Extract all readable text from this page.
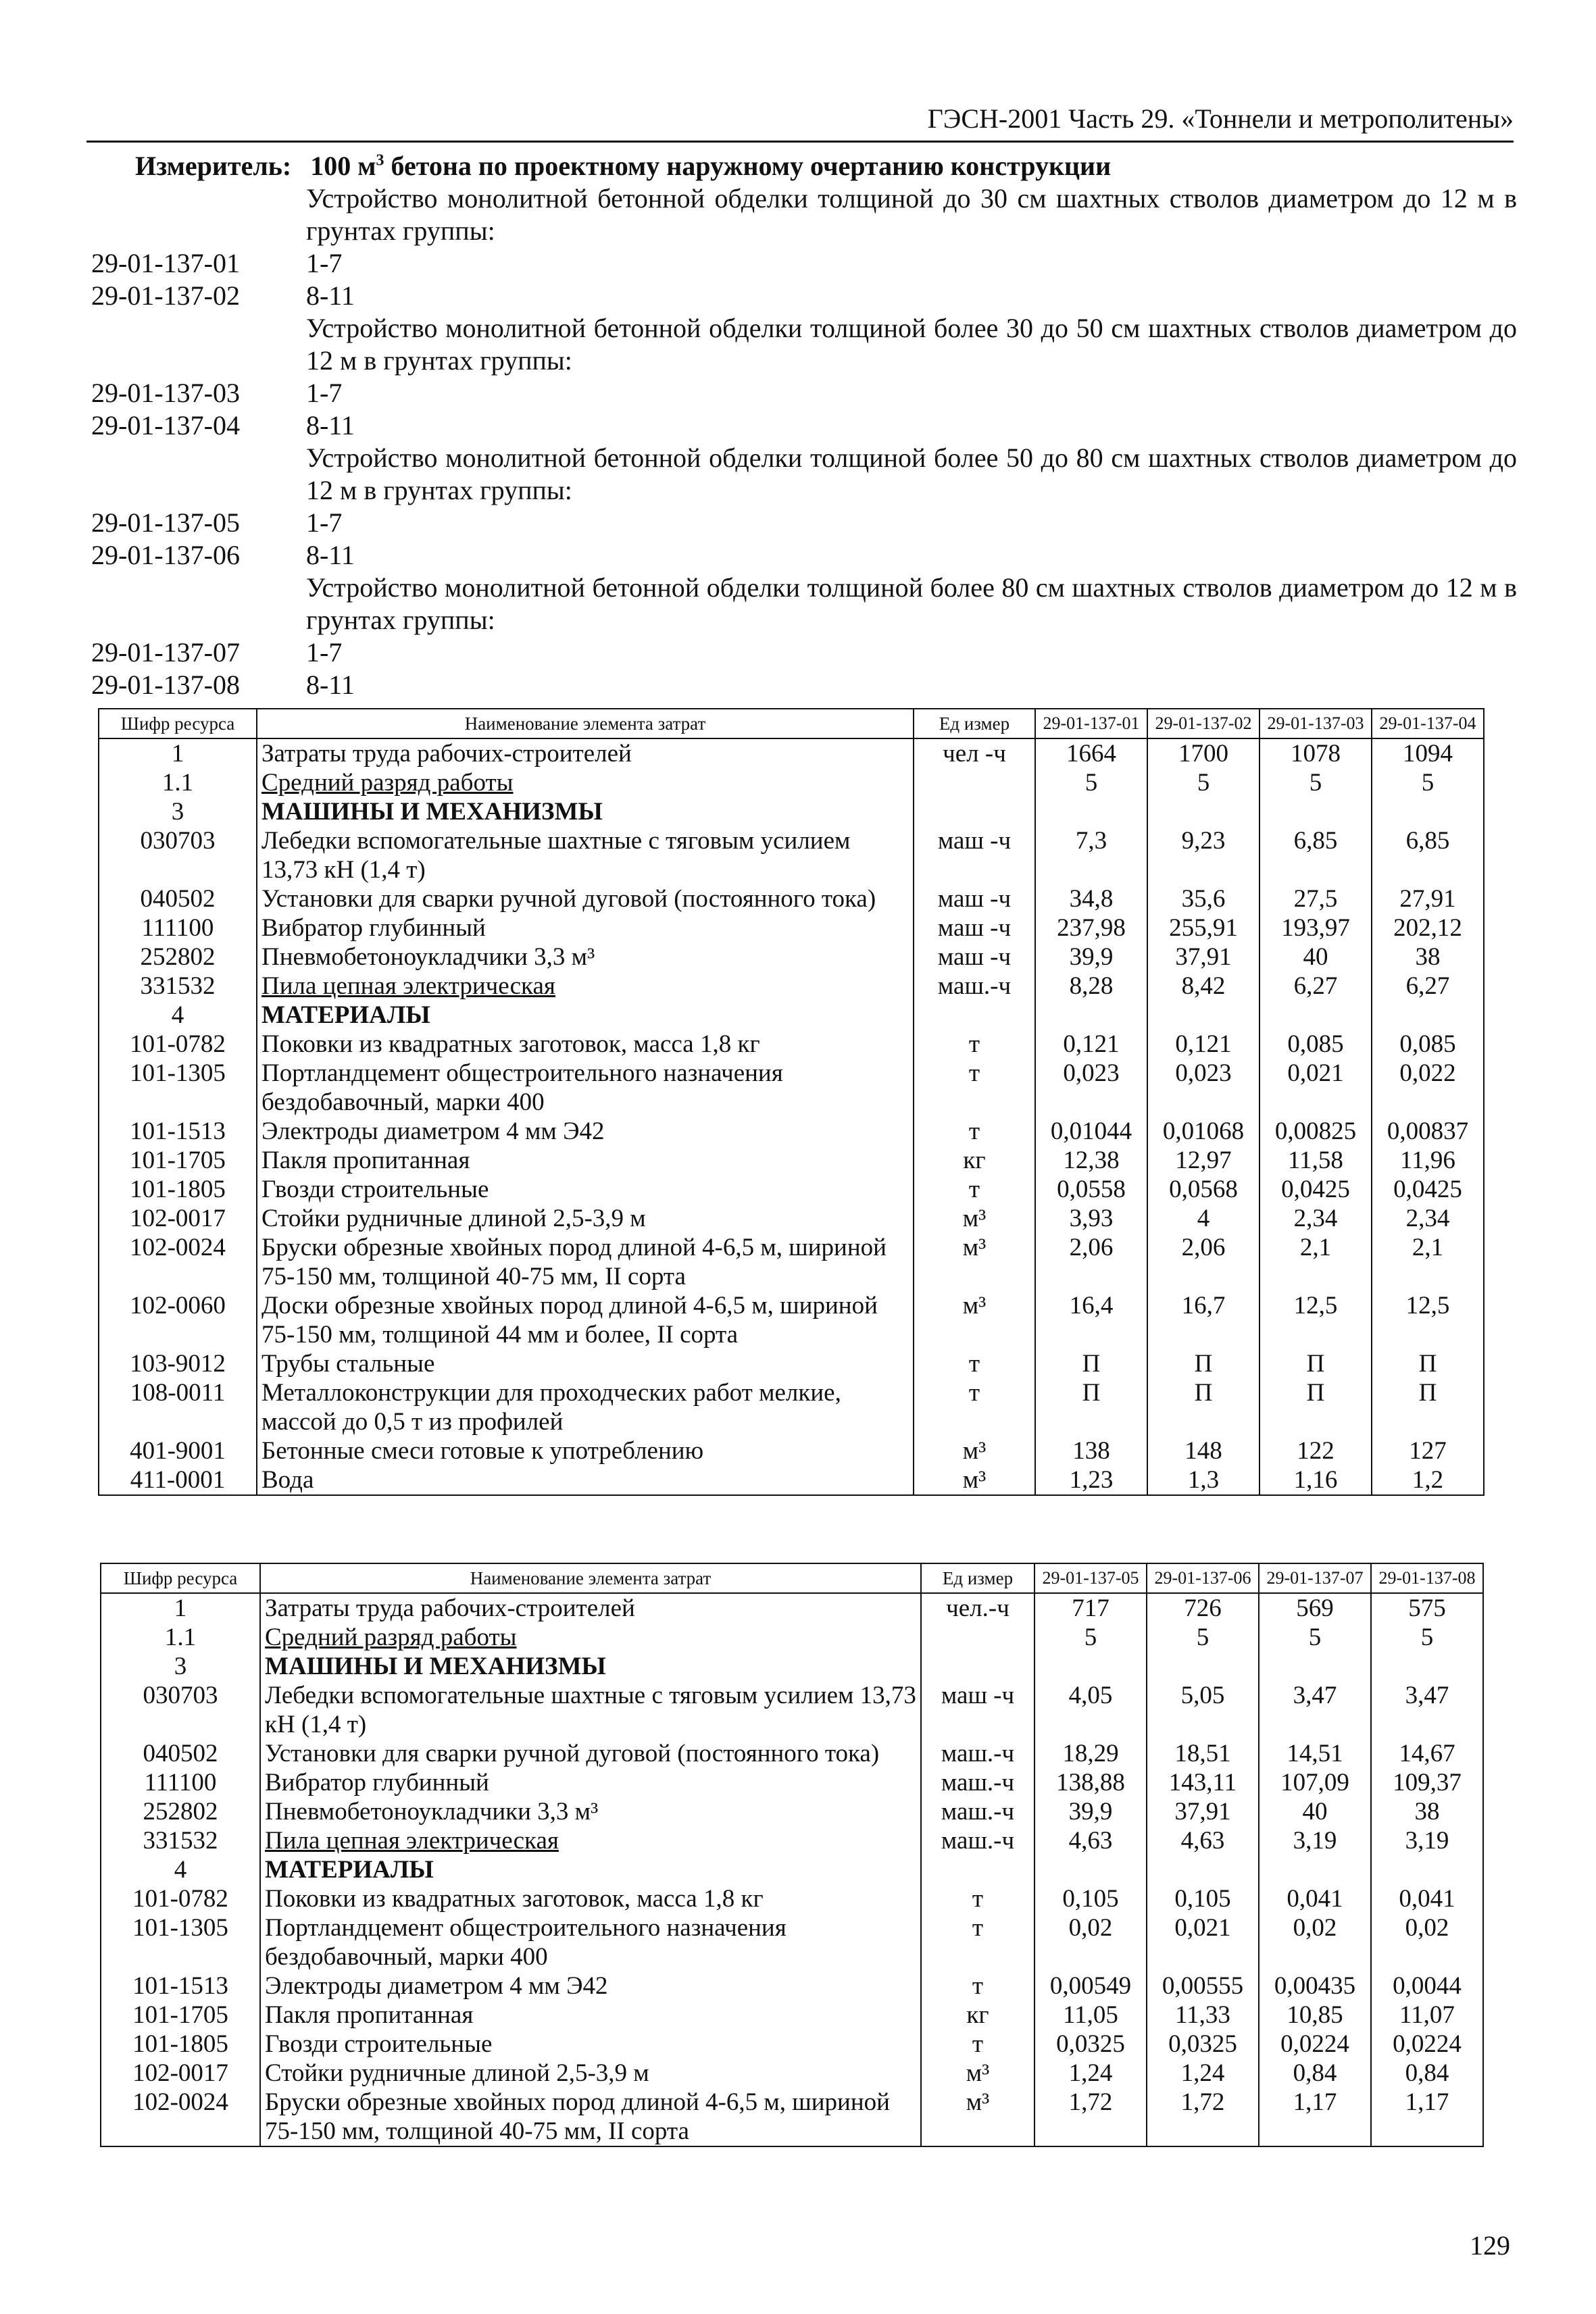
ГЭСН-2001 Часть 29. «Тоннели и метрополитены»
Измеритель: 100 $м^3$ бетона по проектному наружному очертанию конструкции
Устройство монолитной бетонной обделки толщиной до 30 см шахтных стволов диаметром до 12 м в грунтах группы:
29-01-137-01	1-7
29-01-137-02	8-11
Устройство монолитной бетонной обделки толщиной более 30 до 50 см шахтных стволов диаметром до 12 м в грунтах группы:
29-01-137-03	1-7
29-01-137-04	8-11
Устройство монолитной бетонной обделки толщиной более 50 до 80 см шахтных стволов диаметром до 12 м в грунтах группы:
29-01-137-05	1-7
29-01-137-06	8-11
Устройство монолитной бетонной обделки толщиной более 80 см шахтных стволов диаметром до 12 м в грунтах группы:
29-01-137-07	1-7
29-01-137-08	8-11
Шифр ресурса	Наименование элемента затрат	Ед измер	29-01-137-01	29-01-137-02	29-01-137-03	29-01-137-04
1	Затраты труда рабочих-строителей	чел -ч	1664	1700	1078	1094
1.1	Средний разряд работы		5	5	5	5
3	МАШИНЫ И МЕХАНИЗМЫ					
030703	Лебедки вспомогательные шахтные с тяговым усилием 13,73 кН (1,4 т)	маш -ч	7,3	9,23	6,85	6,85
040502	Установки для сварки ручной дуговой (постоянного тока)	маш -ч	34,8	35,6	27,5	27,91
111100	Вибратор глубинный	маш -ч	237,98	255,91	193,97	202,12
252802	Пневмобетоноукладчики 3,3 м³	маш -ч	39,9	37,91	40	38
331532	Пила цепная электрическая	маш.-ч	8,28	8,42	6,27	6,27
4	МАТЕРИАЛЫ					
101-0782	Поковки из квадратных заготовок, масса 1,8 кг	т	0,121	0,121	0,085	0,085
101-1305	Портландцемент общестроительного назначения бездобавочный, марки 400	т	0,023	0,023	0,021	0,022
101-1513	Электроды диаметром 4 мм Э42	т	0,01044	0,01068	0,00825	0,00837
101-1705	Пакля пропитанная	кг	12,38	12,97	11,58	11,96
101-1805	Гвозди строительные	т	0,0558	0,0568	0,0425	0,0425
102-0017	Стойки рудничные длиной 2,5-3,9 м	м³	3,93	4	2,34	2,34
102-0024	Бруски обрезные хвойных пород длиной 4-6,5 м, шириной 75-150 мм, толщиной 40-75 мм, II сорта	м³	2,06	2,06	2,1	2,1
102-0060	Доски обрезные хвойных пород длиной 4-6,5 м, шириной 75-150 мм, толщиной 44 мм и более, II сорта	м³	16,4	16,7	12,5	12,5
103-9012	Трубы стальные	т	П	П	П	П
108-0011	Металлоконструкции для проходческих работ мелкие, массой до 0,5 т из профилей	т	П	П	П	П
401-9001	Бетонные смеси готовые к употреблению	м³	138	148	122	127
411-0001	Вода	м³	1,23	1,3	1,16	1,2
Шифр ресурса	Наименование элемента затрат	Ед измер	29-01-137-05	29-01-137-06	29-01-137-07	29-01-137-08
1	Затраты труда рабочих-строителей	чел.-ч	717	726	569	575
1.1	Средний разряд работы		5	5	5	5
3	МАШИНЫ И МЕХАНИЗМЫ					
030703	Лебедки вспомогательные шахтные с тяговым усилием 13,73 кН (1,4 т)	маш -ч	4,05	5,05	3,47	3,47
040502	Установки для сварки ручной дуговой (постоянного тока)	маш.-ч	18,29	18,51	14,51	14,67
111100	Вибратор глубинный	маш.-ч	138,88	143,11	107,09	109,37
252802	Пневмобетоноукладчики 3,3 м³	маш.-ч	39,9	37,91	40	38
331532	Пила цепная электрическая	маш.-ч	4,63	4,63	3,19	3,19
4	МАТЕРИАЛЫ					
101-0782	Поковки из квадратных заготовок, масса 1,8 кг	т	0,105	0,105	0,041	0,041
101-1305	Портландцемент общестроительного назначения бездобавочный, марки 400	т	0,02	0,021	0,02	0,02
101-1513	Электроды диаметром 4 мм Э42	т	0,00549	0,00555	0,00435	0,0044
101-1705	Пакля пропитанная	кг	11,05	11,33	10,85	11,07
101-1805	Гвозди строительные	т	0,0325	0,0325	0,0224	0,0224
102-0017	Стойки рудничные длиной 2,5-3,9 м	м³	1,24	1,24	0,84	0,84
102-0024	Бруски обрезные хвойных пород длиной 4-6,5 м, шириной 75-150 мм, толщиной 40-75 мм, II сорта	м³	1,72	1,72	1,17	1,17
129
